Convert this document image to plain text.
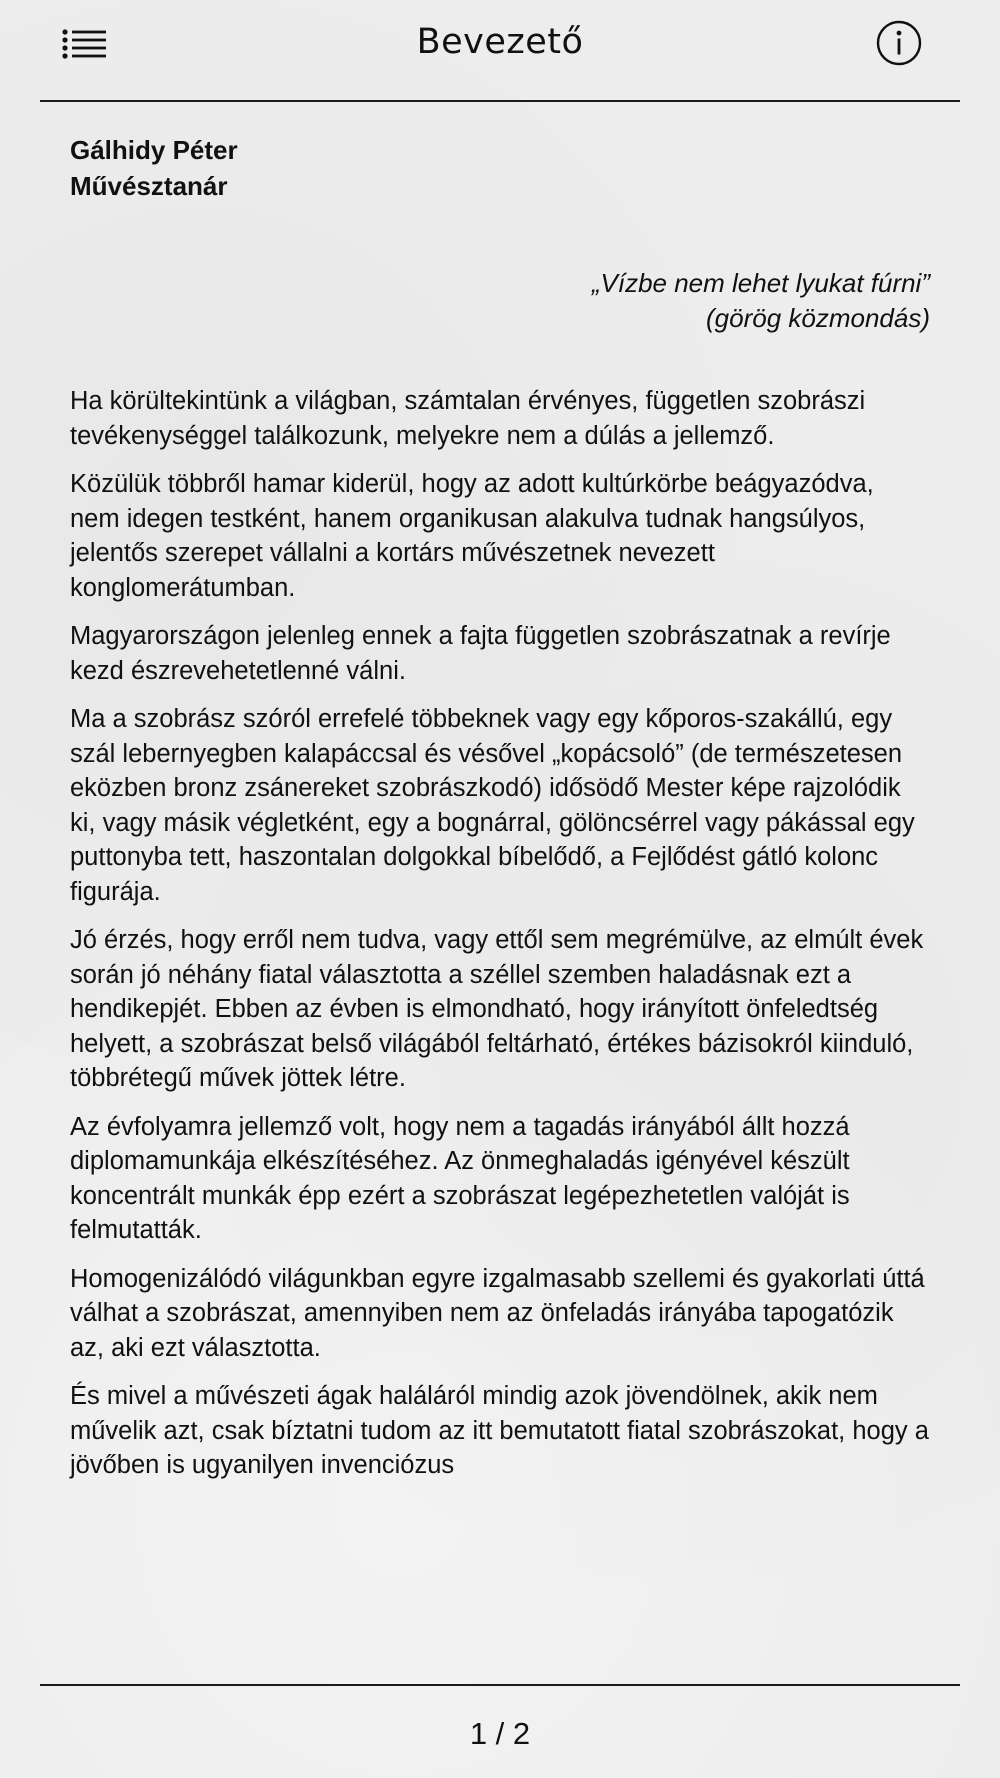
Bevezető

Gálhidy Péter

Művésztanár

„Vízbe nem lehet lyukat fúrni”

(görög közmondás)

Ha körültekintünk a világban, számtalan érvényes, független szobrászi tevékenységgel találkozunk, melyekre nem a dúlás a jellemző.

Közülük többről hamar kiderül, hogy az adott kultúrkörbe beágyazódva, nem idegen testként, hanem organikusan alakulva tudnak hangsúlyos, jelentős szerepet vállalni a kortárs művészetnek nevezett konglomerátumban.

Magyarországon jelenleg ennek a fajta független szobrászatnak a revírje kezd észrevehetetlenné válni.

Ma a szobrász szóról errefelé többeknek vagy egy kőporos-szakállú, egy szál lebernyegben kalapáccsal és vésővel „kopácsoló” (de természetesen eközben bronz zsánereket szobrászkodó) idősödő Mester képe rajzolódik ki, vagy másik végletként, egy a bognárral, gölöncsérrel vagy pákással egy puttonyba tett, haszontalan dolgokkal bíbelődő, a Fejlődést gátló kolonc figurája.

Jó érzés, hogy erről nem tudva, vagy ettől sem megrémülve, az elmúlt évek során jó néhány fiatal választotta a széllel szemben haladásnak ezt a hendikepjét. Ebben az évben is elmondható, hogy irányított önfeledtség helyett, a szobrászat belső világából feltárható, értékes bázisokról kiinduló, többrétegű művek jöttek létre.

Az évfolyamra jellemző volt, hogy nem a tagadás irányából állt hozzá diplomamunkája elkészítéséhez. Az önmeghaladás igényével készült koncentrált munkák épp ezért a szobrászat legépezhetetlen valóját is felmutatták.

Homogenizálódó világunkban egyre izgalmasabb szellemi és gyakorlati úttá válhat a szobrászat, amennyiben nem az önfeladás irányába tapogatózik az, aki ezt választotta.

És mivel a művészeti ágak haláláról mindig azok jövendölnek, akik nem művelik azt, csak bíztatni tudom az itt bemutatott fiatal szobrászokat, hogy a jövőben is ugyanilyen invenciózus

1 / 2
